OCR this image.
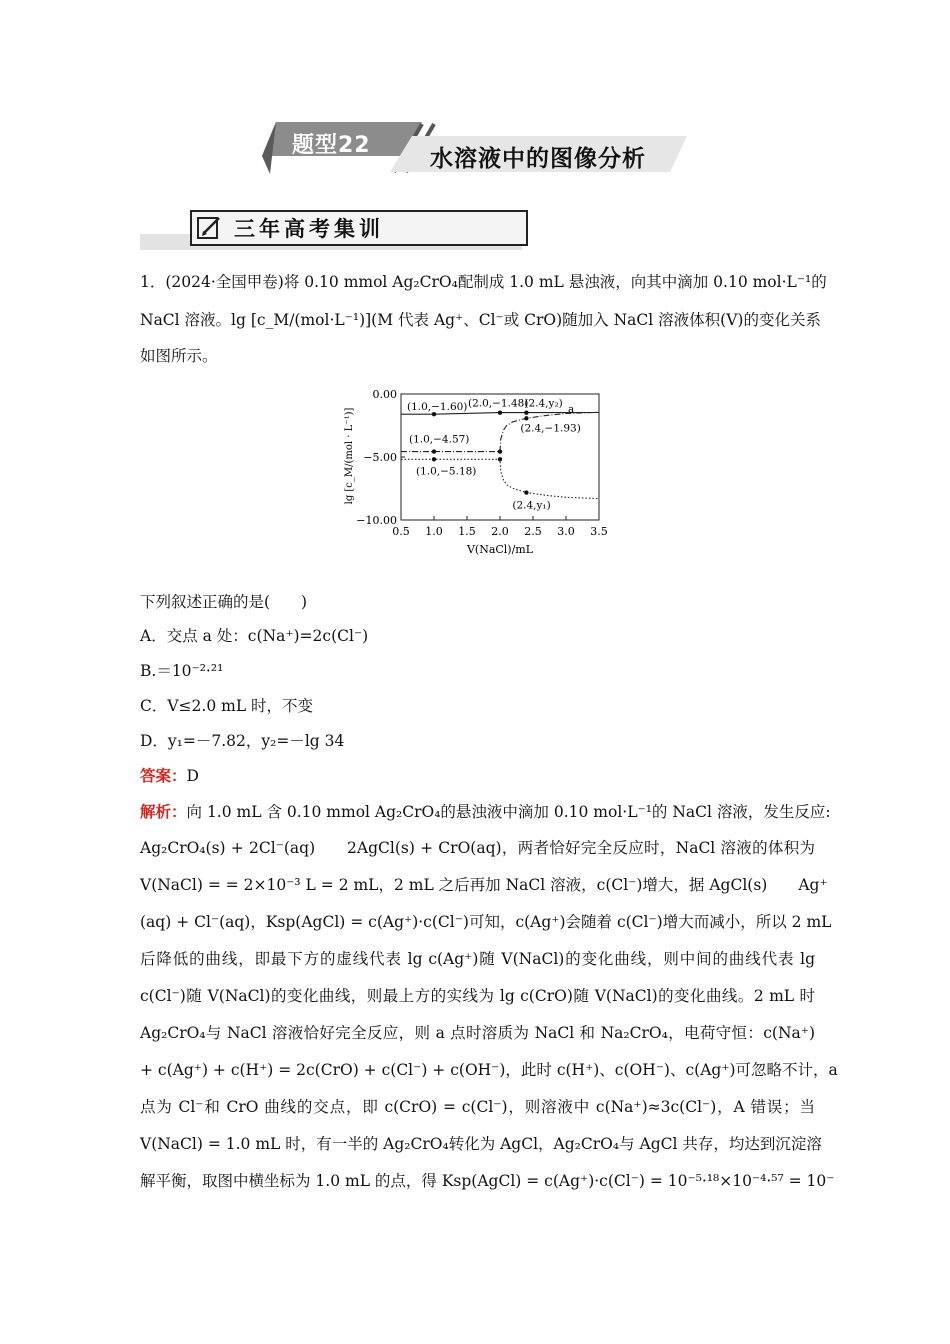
题型22
水溶液中的图像分析
三年高考集训
1．(2024·全国甲卷)将 0.10 mmol Ag₂CrO₄配制成 1.0 mL 悬浊液，向其中滴加 0.10 mol·L⁻¹的
NaCl 溶液。lg [c_M/(mol·L⁻¹)](M 代表 Ag⁺、Cl⁻或 CrO)随加入 NaCl 溶液体积(V)的变化关系
如图所示。
(1.0,−1.60) (2.0,−1.48)
(2.4,y₂) a
(2.4,−1.93)
(1.0,−4.57)
(1.0,−5.18)
(2.4,y₁)
0.5 1.0 1.5 2.0 2.5 3.0 3.5
0.00
−5.00
−10.00
V(NaCl)/mL
lg [c_M/(mol · L⁻¹)]
下列叙述正确的是(　　)
A．交点 a 处：c(Na⁺)=2c(Cl⁻)
B.＝10⁻²·²¹
C．V≤2.0 mL 时，不变
D．y₁=－7.82，y₂=－lg 34
答案：D
解析：向 1.0 mL 含 0.10 mmol Ag₂CrO₄的悬浊液中滴加 0.10 mol·L⁻¹的 NaCl 溶液，发生反应:
Ag₂CrO₄(s) + 2Cl⁻(aq)　　2AgCl(s) + CrO(aq)，两者恰好完全反应时，NaCl 溶液的体积为
V(NaCl) = = 2×10⁻³ L = 2 mL，2 mL 之后再加 NaCl 溶液，c(Cl⁻)增大，据 AgCl(s)　　Ag⁺
(aq) + Cl⁻(aq)，Ksp(AgCl) = c(Ag⁺)·c(Cl⁻)可知，c(Ag⁺)会随着 c(Cl⁻)增大而减小，所以 2 mL
后降低的曲线，即最下方的虚线代表 lg c(Ag⁺)随 V(NaCl)的变化曲线，则中间的曲线代表 lg
c(Cl⁻)随 V(NaCl)的变化曲线，则最上方的实线为 lg c(CrO)随 V(NaCl)的变化曲线。2 mL 时
Ag₂CrO₄与 NaCl 溶液恰好完全反应，则 a 点时溶质为 NaCl 和 Na₂CrO₄，电荷守恒：c(Na⁺)
+ c(Ag⁺) + c(H⁺) = 2c(CrO) + c(Cl⁻) + c(OH⁻)，此时 c(H⁺)、c(OH⁻)、c(Ag⁺)可忽略不计，a
点为 Cl⁻和 CrO 曲线的交点，即 c(CrO) = c(Cl⁻)，则溶液中 c(Na⁺)≈3c(Cl⁻)，A 错误；当
V(NaCl) = 1.0 mL 时，有一半的 Ag₂CrO₄转化为 AgCl，Ag₂CrO₄与 AgCl 共存，均达到沉淀溶
解平衡，取图中横坐标为 1.0 mL 的点，得 Ksp(AgCl) = c(Ag⁺)·c(Cl⁻) = 10⁻⁵·¹⁸×10⁻⁴·⁵⁷ = 10⁻
